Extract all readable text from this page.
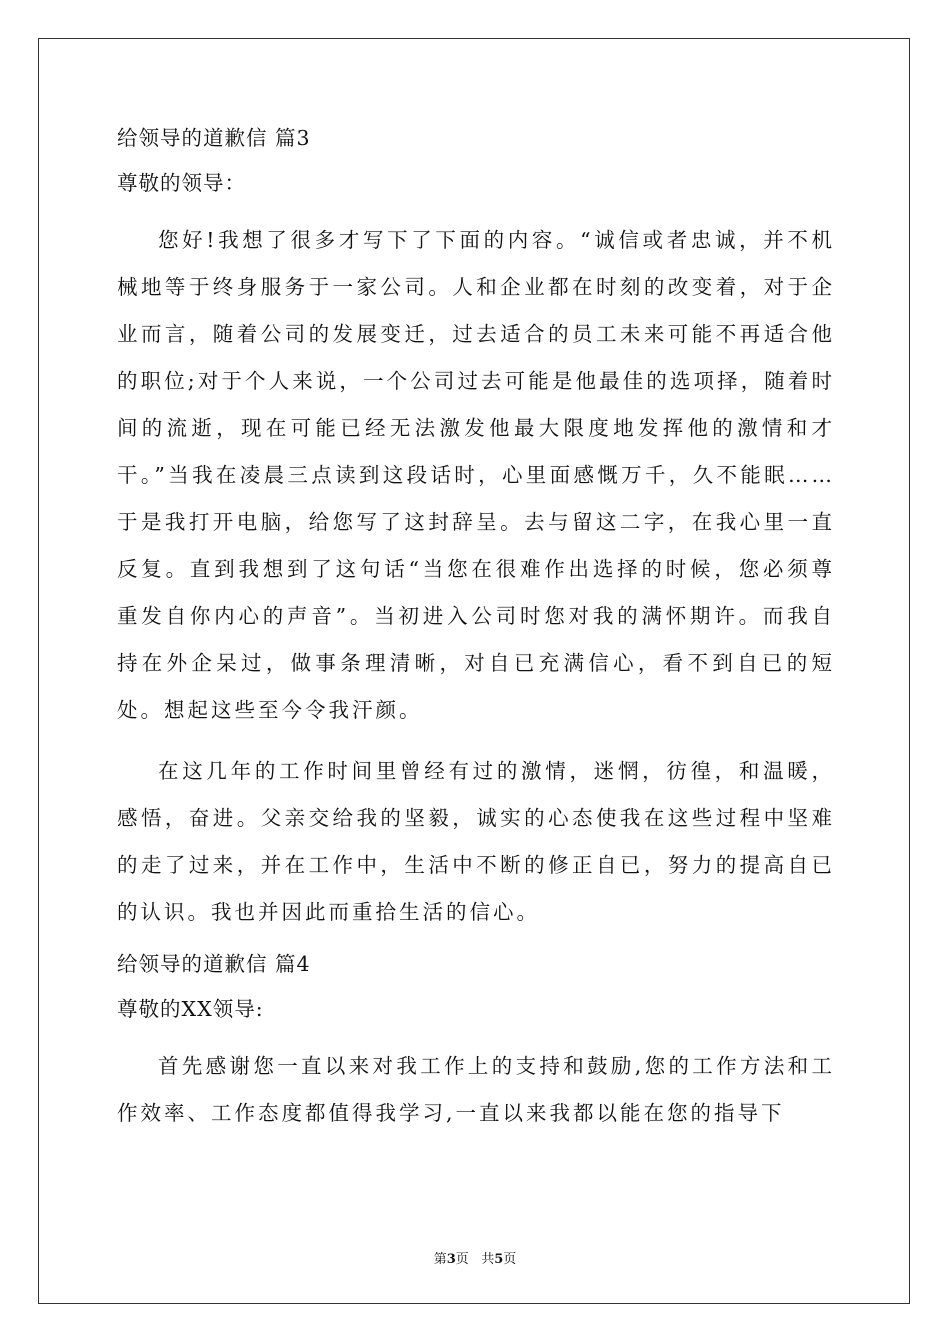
给领导的道歉信 篇3

尊敬的领导：

您好!我想了很多才写下了下面的内容。“诚信或者忠诚，并不机械地等于终身服务于一家公司。人和企业都在时刻的改变着，对于企业而言，随着公司的发展变迁，过去适合的员工未来可能不再适合他的职位;对于个人来说，一个公司过去可能是他最佳的选项择，随着时间的流逝，现在可能已经无法激发他最大限度地发挥他的激情和才干。”当我在凌晨三点读到这段话时，心里面感慨万千，久不能眠……于是我打开电脑，给您写了这封辞呈。去与留这二字，在我心里一直反复。直到我想到了这句话“当您在很难作出选择的时候，您必须尊重发自你内心的声音”。当初进入公司时您对我的满怀期许。而我自持在外企呆过，做事条理清晰，对自已充满信心，看不到自已的短处。想起这些至今令我汗颜。

在这几年的工作时间里曾经有过的激情，迷惘，彷徨，和温暖，感悟，奋进。父亲交给我的坚毅，诚实的心态使我在这些过程中坚难的走了过来，并在工作中，生活中不断的修正自已，努力的提高自已的认识。我也并因此而重拾生活的信心。

给领导的道歉信 篇4

尊敬的XX领导:

首先感谢您一直以来对我工作上的支持和鼓励,您的工作方法和工作效率、工作态度都值得我学习,一直以来我都以能在您的指导下

第3页 共5页
